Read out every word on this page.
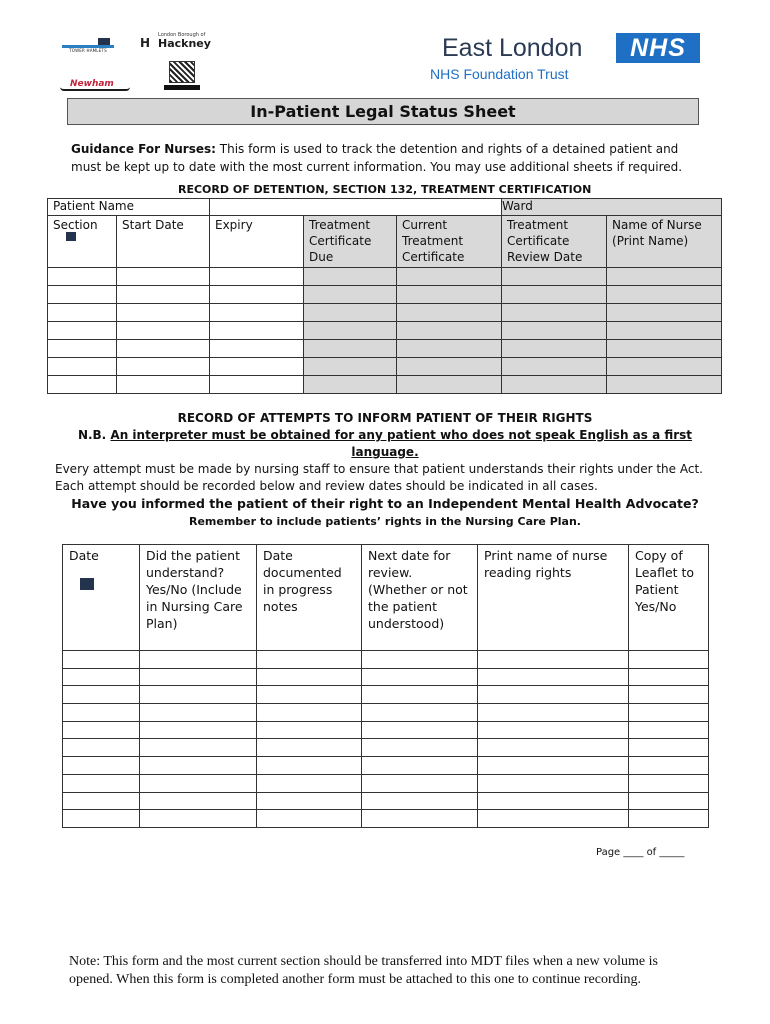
TOWER HAMLETS
H
London Borough of
Hackney
Newham
East London	NHS
NHS Foundation Trust
In-Patient Legal Status Sheet
Guidance For Nurses: This form is used to track the detention and rights of a detained patient and must be kept up to date with the most current information. You may use additional sheets if required.
RECORD OF DETENTION, SECTION 132, TREATMENT CERTIFICATION
Patient Name					Ward	
Section	Start Date	Expiry	Treatment Certificate Due	Current Treatment Certificate	Treatment Certificate Review Date	Name of Nurse (Print Name)

RECORD OF ATTEMPTS TO INFORM PATIENT OF THEIR RIGHTS
N.B. An interpreter must be obtained for any patient who does not speak English as a first language.
Every attempt must be made by nursing staff to ensure that patient understands their rights under the Act. Each attempt should be recorded below and review dates should be indicated in all cases.
Have you informed the patient of their right to an Independent Mental Health Advocate?
Remember to include patients’ rights in the Nursing Care Plan.
Date	Did the patient understand? Yes/No (Include in Nursing Care Plan)	Date documented in progress notes	Next date for review. (Whether or not the patient understood)	Print name of nurse reading rights	Copy of Leaflet to Patient Yes/No

Page ____ of _____
Note: This form and the most current section should be transferred into MDT files when a new volume is opened. When this form is completed another form must be attached to this one to continue recording.
